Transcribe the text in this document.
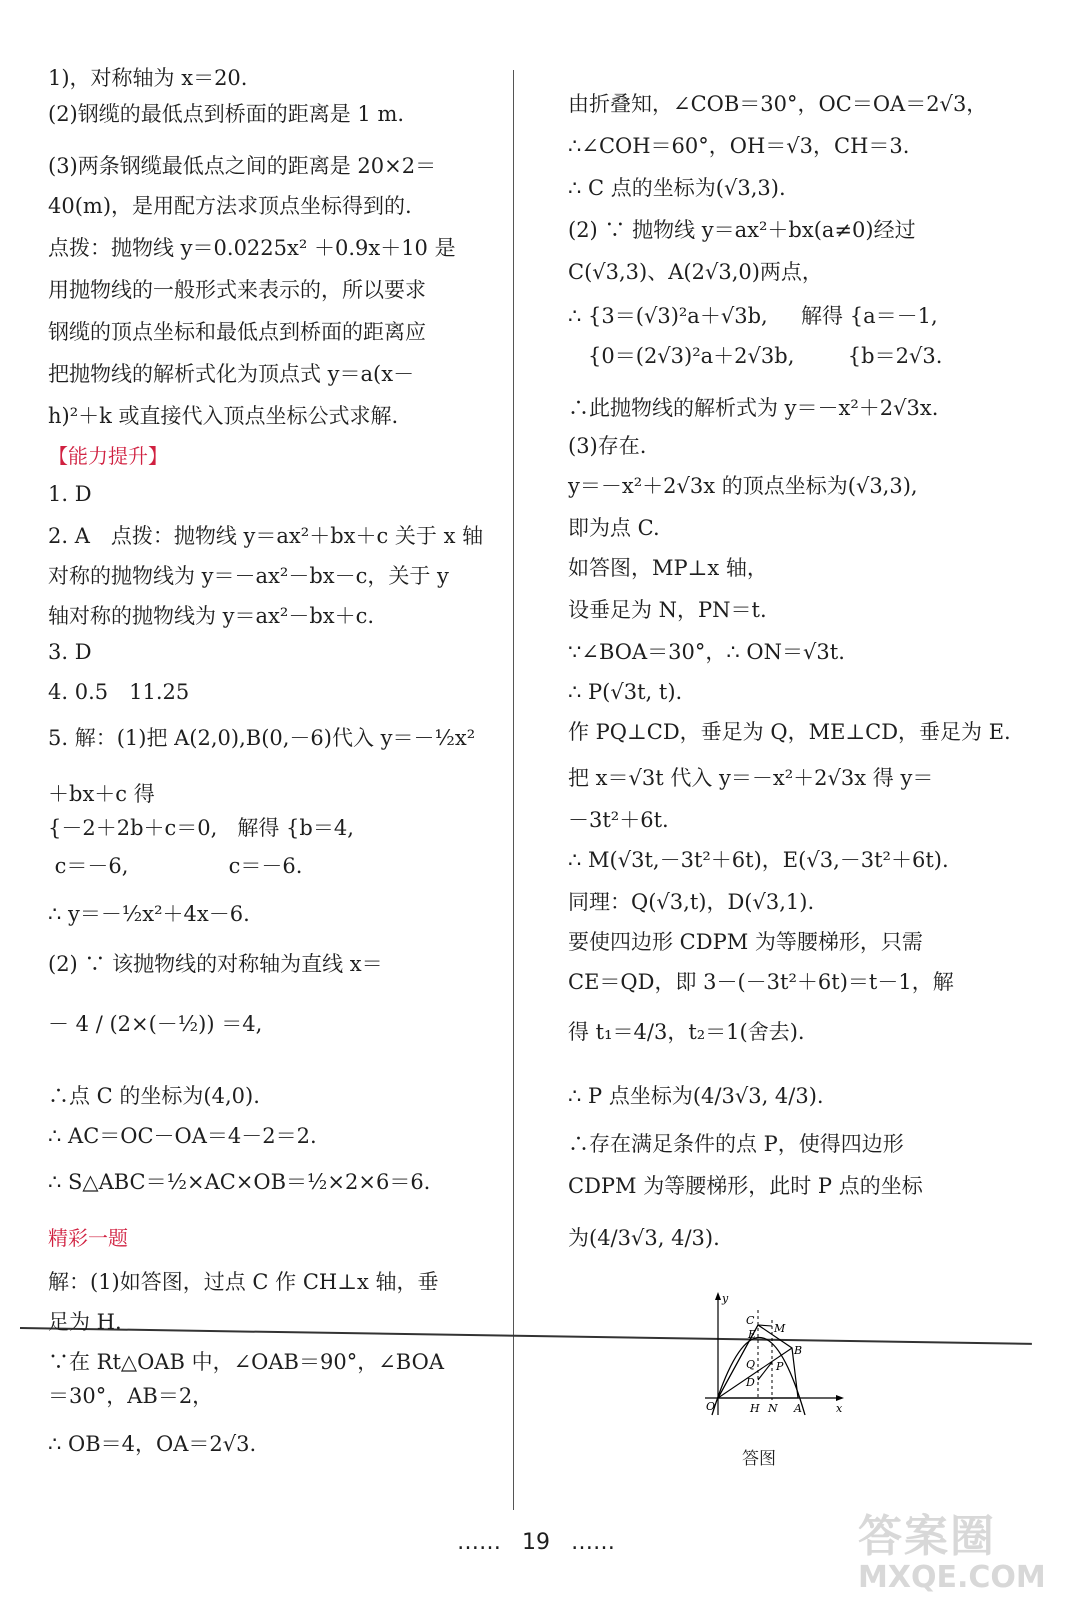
1)，对称轴为 x＝20.
(2)钢缆的最低点到桥面的距离是 1 m.
(3)两条钢缆最低点之间的距离是 20×2＝
40(m)，是用配方法求顶点坐标得到的.
点拨：抛物线 y＝0.0225x² ＋0.9x＋10 是
用抛物线的一般形式来表示的，所以要求
钢缆的顶点坐标和最低点到桥面的距离应
把抛物线的解析式化为顶点式 y＝a(x－
h)²＋k 或直接代入顶点坐标公式求解.
【能力提升】
1. D
2. A　点拨：抛物线 y＝ax²＋bx＋c 关于 x 轴
对称的抛物线为 y＝－ax²－bx－c，关于 y
轴对称的抛物线为 y＝ax²－bx＋c.
3. D
4. 0.5　11.25
5. 解：(1)把 A(2,0),B(0,－6)代入 y＝－½x²
＋bx＋c 得
{－2＋2b＋c＝0,   解得 {b＝4,
c＝－6,               c＝－6.
∴ y＝－½x²＋4x－6.
(2) ∵ 该抛物线的对称轴为直线 x＝
－ 4 / (2×(－½)) ＝4,
∴点 C 的坐标为(4,0).
∴ AC＝OC－OA＝4－2＝2.
∴ S△ABC＝½×AC×OB＝½×2×6＝6.
精彩一题
解：(1)如答图，过点 C 作 CH⊥x 轴，垂
足为 H.
∵在 Rt△OAB 中，∠OAB＝90°，∠BOA
＝30°，AB＝2，
∴ OB＝4，OA＝2√3.
由折叠知，∠COB＝30°，OC＝OA＝2√3，
∴∠COH＝60°，OH＝√3，CH＝3.
∴ C 点的坐标为(√3,3).
(2) ∵ 抛物线 y＝ax²＋bx(a≠0)经过
C(√3,3)、A(2√3,0)两点，
∴ {3＝(√3)²a＋√3b,     解得 {a＝－1,
{0＝(2√3)²a＋2√3b,        {b＝2√3.
∴此抛物线的解析式为 y＝－x²＋2√3x.
(3)存在.
y＝－x²＋2√3x 的顶点坐标为(√3,3),
即为点 C.
如答图，MP⊥x 轴，
设垂足为 N，PN＝t.
∵∠BOA＝30°，∴ ON＝√3t.
∴ P(√3t, t).
作 PQ⊥CD，垂足为 Q，ME⊥CD，垂足为 E.
把 x＝√3t 代入 y＝－x²＋2√3x 得 y＝
－3t²＋6t.
∴ M(√3t,－3t²＋6t)，E(√3,－3t²＋6t).
同理：Q(√3,t)，D(√3,1).
要使四边形 CDPM 为等腰梯形，只需
CE＝QD，即 3－(－3t²＋6t)＝t－1，解
得 t₁＝4/3，t₂＝1(舍去).
∴ P 点坐标为(4/3√3, 4/3).
∴存在满足条件的点 P，使得四边形
CDPM 为等腰梯形，此时 P 点的坐标
为(4/3√3, 4/3).
y
x
C
M
E
B
Q P
D
O	H N A
答图
…… 19 ……	答案圈
MXQE.COM
